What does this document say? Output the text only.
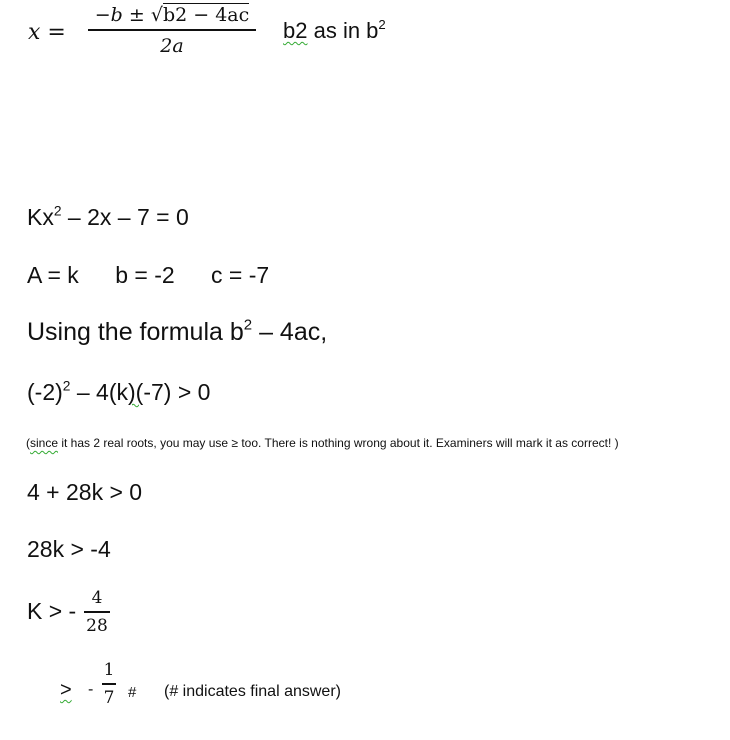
x =
−b ± √b2 − 4ac
2a
b2 as in $b^2$
Kx$^2$ – 2x – 7 = 0
A = k b = -2 c = -7
Using the formula $b^2 - 4ac$,
$(-2)^2 - 4(k)(-7) > 0$
(since it has 2 real roots, you may use ≥ too. There is nothing wrong about it. Examiners will mark it as correct! )
4 + 28k > 0
28k > -4
K > - 4
28
>	-
1
7 # (# indicates final answer)
